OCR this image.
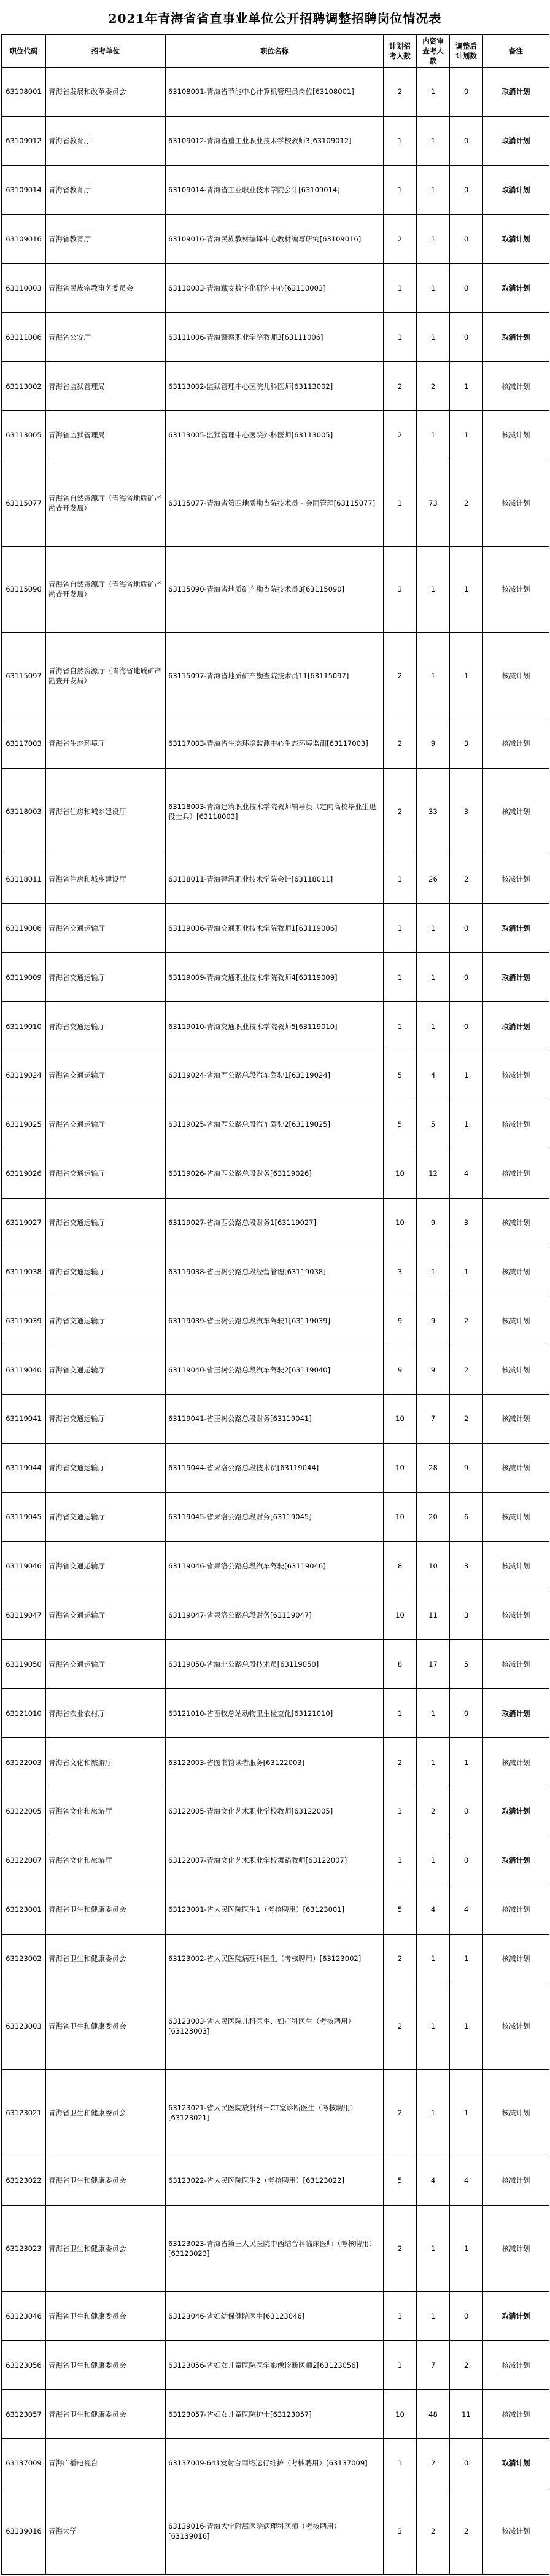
2021年青海省省直事业单位公开招聘调整招聘岗位情况表
职位代码	招考单位	职位名称	计划招考人数	内资审查考人数	调整后计划数	备注
63108001	青海省发展和改革委员会	63108001-青海省节能中心计算机管理员岗位[63108001]	2	1	0	取消计划
63109012	青海省教育厅	63109012-青海省重工业职业技术学校教师3[63109012]	1	1	0	取消计划
63109014	青海省教育厅	63109014-青海省工业职业技术学院会计[63109014]	1	1	0	取消计划
63109016	青海省教育厅	63109016-青海民族教材编译中心教材编写研究[63109016]	2	1	0	取消计划
63110003	青海省民族宗教事务委员会	63110003-青海藏文数字化研究中心[63110003]	1	1	0	取消计划
63111006	青海省公安厅	63111006-青海警察职业学院教师3[63111006]	1	1	0	取消计划
63113002	青海省监狱管理局	63113002-监狱管理中心医院儿科医师[63113002]	2	2	1	核减计划
63113005	青海省监狱管理局	63113005-监狱管理中心医院外科医师[63113005]	2	1	1	核减计划
63115077	青海省自然资源厅（青海省地质矿产勘查开发局）	63115077-青海省第四地质勘查院技术员 - 会同管理[63115077]	1	73	2	核减计划
63115090	青海省自然资源厅（青海省地质矿产勘查开发局）	63115090-青海省地质矿产勘查院技术员3[63115090]	3	1	1	核减计划
63115097	青海省自然资源厅（青海省地质矿产勘查开发局）	63115097-青海省地质矿产勘查院技术员11[63115097]	2	1	1	核减计划
63117003	青海省生态环境厅	63117003-青海省生态环境监测中心生态环境监测[63117003]	2	9	3	核减计划
63118003	青海省住房和城乡建设厅	63118003-青海建筑职业技术学院教师辅导员（定向高校毕业生退役士兵）[63118003]	2	33	3	核减计划
63118011	青海省住房和城乡建设厅	63118011-青海建筑职业技术学院会计[63118011]	1	26	2	核减计划
63119006	青海省交通运输厅	63119006-青海交通职业技术学院教师1[63119006]	1	1	0	取消计划
63119009	青海省交通运输厅	63119009-青海交通职业技术学院教师4[63119009]	1	1	0	取消计划
63119010	青海省交通运输厅	63119010-青海交通职业技术学院教师5[63119010]	1	1	0	取消计划
63119024	青海省交通运输厅	63119024-省海西公路总段汽车驾驶1[63119024]	5	4	1	核减计划
63119025	青海省交通运输厅	63119025-省海西公路总段汽车驾驶2[63119025]	5	5	1	核减计划
63119026	青海省交通运输厅	63119026-省海西公路总段财务[63119026]	10	12	4	核减计划
63119027	青海省交通运输厅	63119027-省海西公路总段财务1[63119027]	10	9	3	核减计划
63119038	青海省交通运输厅	63119038-省玉树公路总段经营管理[63119038]	3	1	1	核减计划
63119039	青海省交通运输厅	63119039-省玉树公路总段汽车驾驶1[63119039]	9	9	2	核减计划
63119040	青海省交通运输厅	63119040-省玉树公路总段汽车驾驶2[63119040]	9	9	2	核减计划
63119041	青海省交通运输厅	63119041-省玉树公路总段财务[63119041]	10	7	2	核减计划
63119044	青海省交通运输厅	63119044-省果洛公路总段技术员[63119044]	10	28	9	核减计划
63119045	青海省交通运输厅	63119045-省果洛公路总段财务[63119045]	10	20	6	核减计划
63119046	青海省交通运输厅	63119046-省果洛公路总段汽车驾驶[63119046]	8	10	3	核减计划
63119047	青海省交通运输厅	63119047-省果洛公路总段财务[63119047]	10	11	3	核减计划
63119050	青海省交通运输厅	63119050-省海北公路总段技术员[63119050]	8	17	5	核减计划
63121010	青海省农业农村厅	63121010-省畜牧总站动物卫生检查化[63121010]	1	1	0	取消计划
63122003	青海省文化和旅游厅	63122003-省图书馆读者服务[63122003]	2	1	1	核减计划
63122005	青海省文化和旅游厅	63122005-青海文化艺术职业学校教师[63122005]	1	2	0	取消计划
63122007	青海省文化和旅游厅	63122007-青海文化艺术职业学校舞蹈教师[63122007]	1	1	0	取消计划
63123001	青海省卫生和健康委员会	63123001-省人民医院医生1（考核聘用）[63123001]	5	4	4	核减计划
63123002	青海省卫生和健康委员会	63123002-省人民医院病理科医生（考核聘用）[63123002]	2	1	1	核减计划
63123003	青海省卫生和健康委员会	63123003-省人民医院儿科医生、妇产科医生（考核聘用）[63123003]	2	1	1	核减计划
63123021	青海省卫生和健康委员会	63123021-省人民医院放射科－CT室诊断医生（考核聘用）[63123021]	2	1	1	核减计划
63123022	青海省卫生和健康委员会	63123022-省人民医院医生2（考核聘用）[63123022]	5	4	4	核减计划
63123023	青海省卫生和健康委员会	63123023-青海省第三人民医院中西结合科临床医师（考核聘用）[63123023]	2	1	1	核减计划
63123046	青海省卫生和健康委员会	63123046-省妇幼保健院医生[63123046]	1	1	0	取消计划
63123056	青海省卫生和健康委员会	63123056-省妇女儿童医院医学影像诊断医师2[63123056]	1	7	2	核减计划
63123057	青海省卫生和健康委员会	63123057-省妇女儿童医院护士[63123057]	10	48	11	核减计划
63137009	青海广播电视台	63137009-641发射台网络运行维护（考核聘用）[63137009]	1	2	0	取消计划
63139016	青海大学	63139016-青海大学附属医院病理科医师（考核聘用）[63139016]	3	2	2	核减计划
